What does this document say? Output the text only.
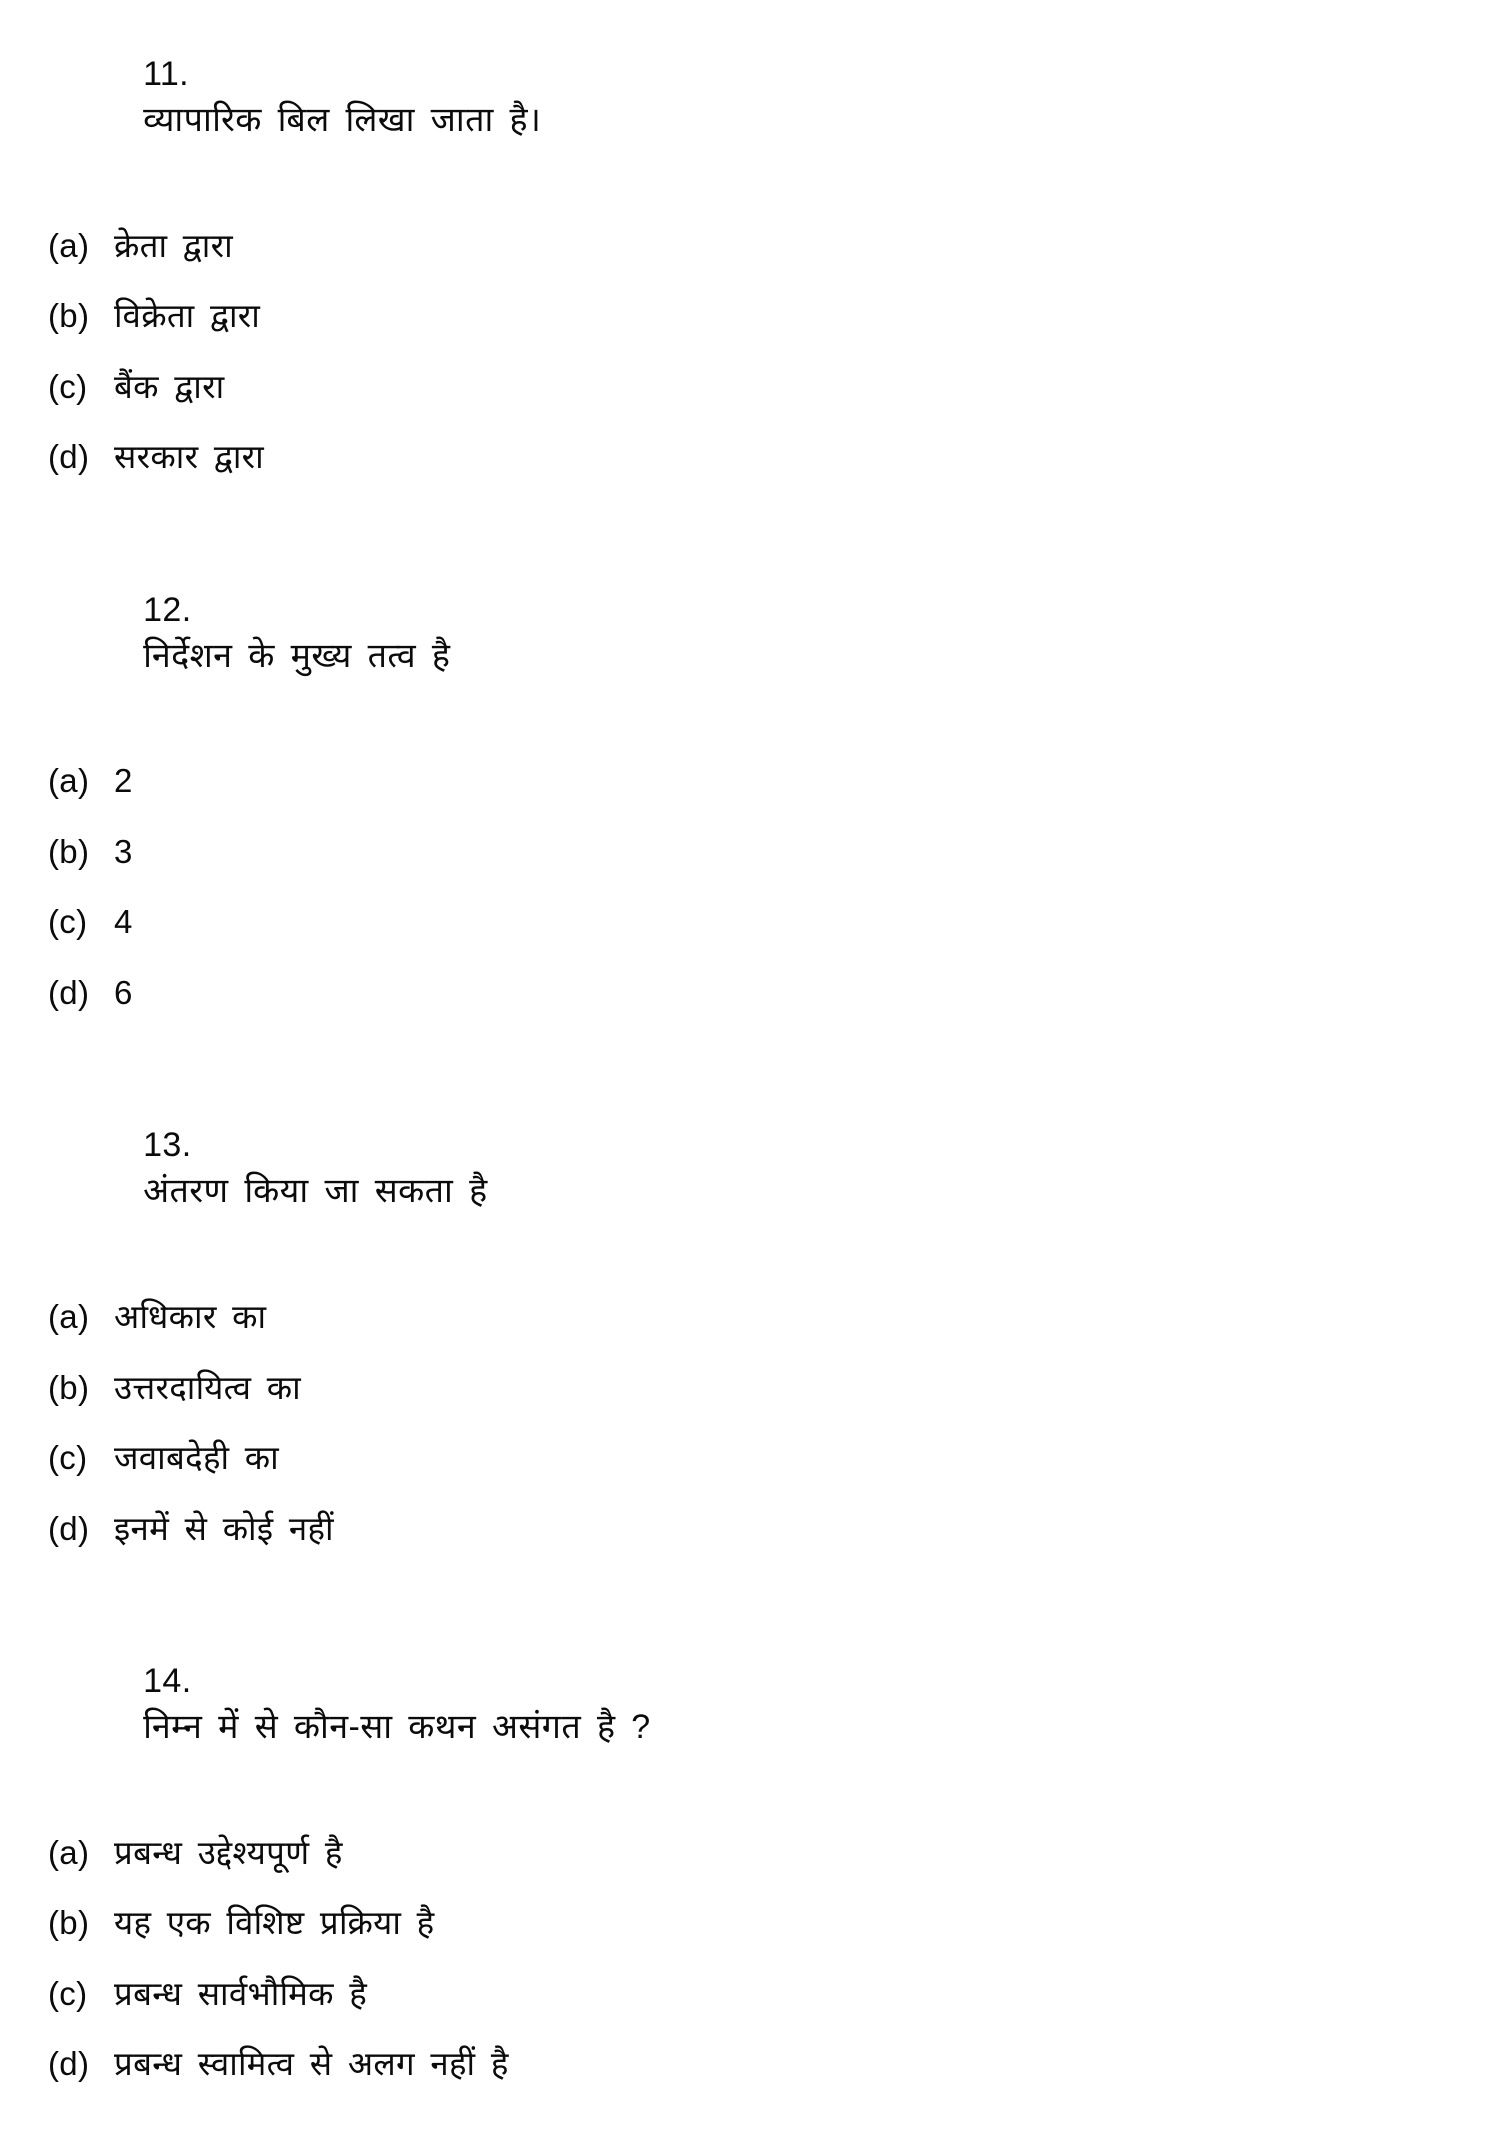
11.
व्यापारिक बिल लिखा जाता है।

(a) क्रेता द्वारा
(b) विक्रेता द्वारा
(c) बैंक द्वारा
(d) सरकार द्वारा

12.
निर्देशन के मुख्य तत्व है

(a) 2
(b) 3
(c) 4
(d) 6

13.
अंतरण किया जा सकता है

(a) अधिकार का
(b) उत्तरदायित्व का
(c) जवाबदेही का
(d) इनमें से कोई नहीं

14.
निम्न में से कौन-सा कथन असंगत है ?

(a) प्रबन्ध उद्देश्यपूर्ण है
(b) यह एक विशिष्ट प्रक्रिया है
(c) प्रबन्ध सार्वभौमिक है
(d) प्रबन्ध स्वामित्व से अलग नहीं है
